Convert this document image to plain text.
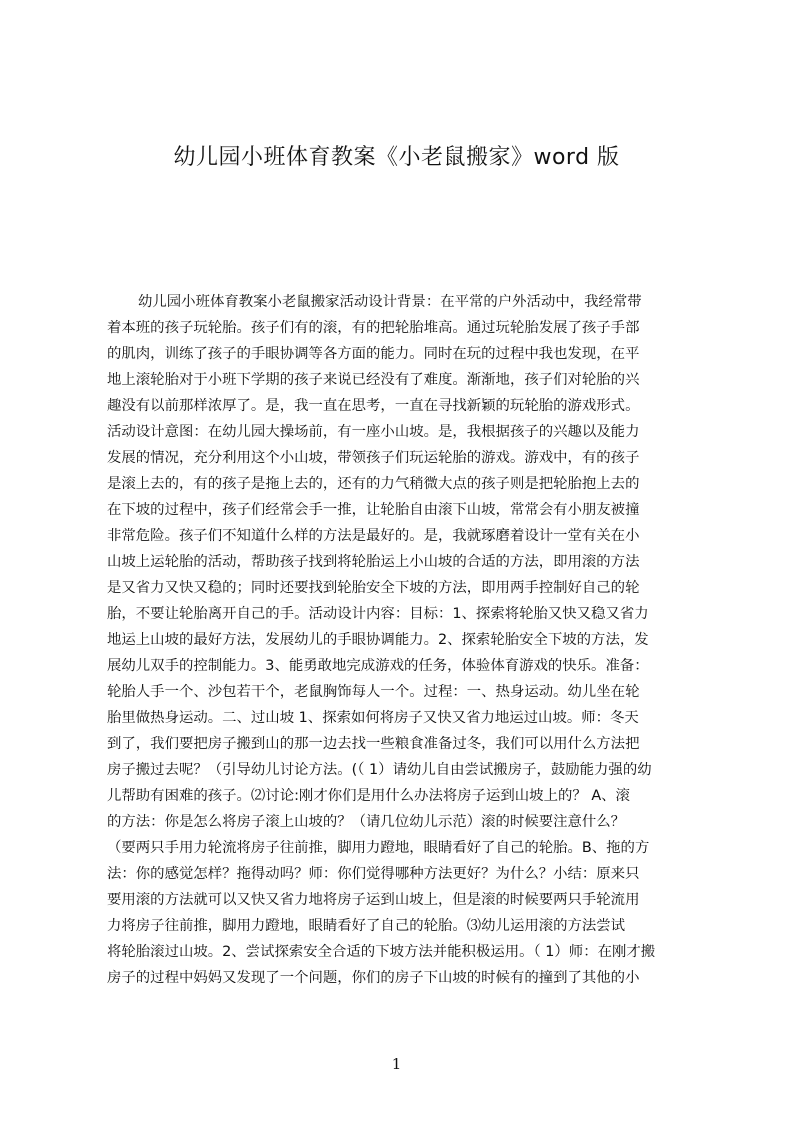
幼儿园小班体育教案《小老鼠搬家》word 版
幼儿园小班体育教案小老鼠搬家活动设计背景：在平常的户外活动中，我经常带
着本班的孩子玩轮胎。孩子们有的滚，有的把轮胎堆高。通过玩轮胎发展了孩子手部
的肌肉，训练了孩子的手眼协调等各方面的能力。同时在玩的过程中我也发现，在平
地上滚轮胎对于小班下学期的孩子来说已经没有了难度。渐渐地，孩子们对轮胎的兴
趣没有以前那样浓厚了。是，我一直在思考，一直在寻找新颖的玩轮胎的游戏形式。
活动设计意图：在幼儿园大操场前，有一座小山坡。是，我根据孩子的兴趣以及能力
发展的情况，充分利用这个小山坡，带领孩子们玩运轮胎的游戏。游戏中，有的孩子
是滚上去的，有的孩子是拖上去的，还有的力气稍微大点的孩子则是把轮胎抱上去的
在下坡的过程中，孩子们经常会手一推，让轮胎自由滚下山坡，常常会有小朋友被撞
非常危险。孩子们不知道什么样的方法是最好的。是，我就琢磨着设计一堂有关在小
山坡上运轮胎的活动，帮助孩子找到将轮胎运上小山坡的合适的方法，即用滚的方法
是又省力又快又稳的；同时还要找到轮胎安全下坡的方法，即用两手控制好自己的轮
胎，不要让轮胎离开自己的手。活动设计内容：目标：1、探索将轮胎又快又稳又省力
地运上山坡的最好方法，发展幼儿的手眼协调能力。2、探索轮胎安全下坡的方法，发
展幼儿双手的控制能力。3、能勇敢地完成游戏的任务，体验体育游戏的快乐。准备：
轮胎人手一个、沙包若干个，老鼠胸饰每人一个。过程：一、热身运动。幼儿坐在轮
胎里做热身运动。二、过山坡 1、探索如何将房子又快又省力地运过山坡。师：冬天
到了，我们要把房子搬到山的那一边去找一些粮食准备过冬，我们可以用什么方法把
房子搬过去呢？（引导幼儿讨论方法。(（ 1）请幼儿自由尝试搬房子，鼓励能力强的幼
儿帮助有困难的孩子。⑵讨论:刚才你们是用什么办法将房子运到山坡上的？ A、滚
的方法：你是怎么将房子滚上山坡的？（请几位幼儿示范）滚的时候要注意什么？
（要两只手用力轮流将房子往前推，脚用力蹬地，眼睛看好了自己的轮胎。B、拖的方
法：你的感觉怎样？拖得动吗？师：你们觉得哪种方法更好？为什么？小结：原来只
要用滚的方法就可以又快又省力地将房子运到山坡上，但是滚的时候要两只手轮流用
力将房子往前推，脚用力蹬地，眼睛看好了自己的轮胎。⑶幼儿运用滚的方法尝试
将轮胎滚过山坡。2、尝试探索安全合适的下坡方法并能积极运用。（ 1）师：在刚才搬
房子的过程中妈妈又发现了一个问题，你们的房子下山坡的时候有的撞到了其他的小
1
